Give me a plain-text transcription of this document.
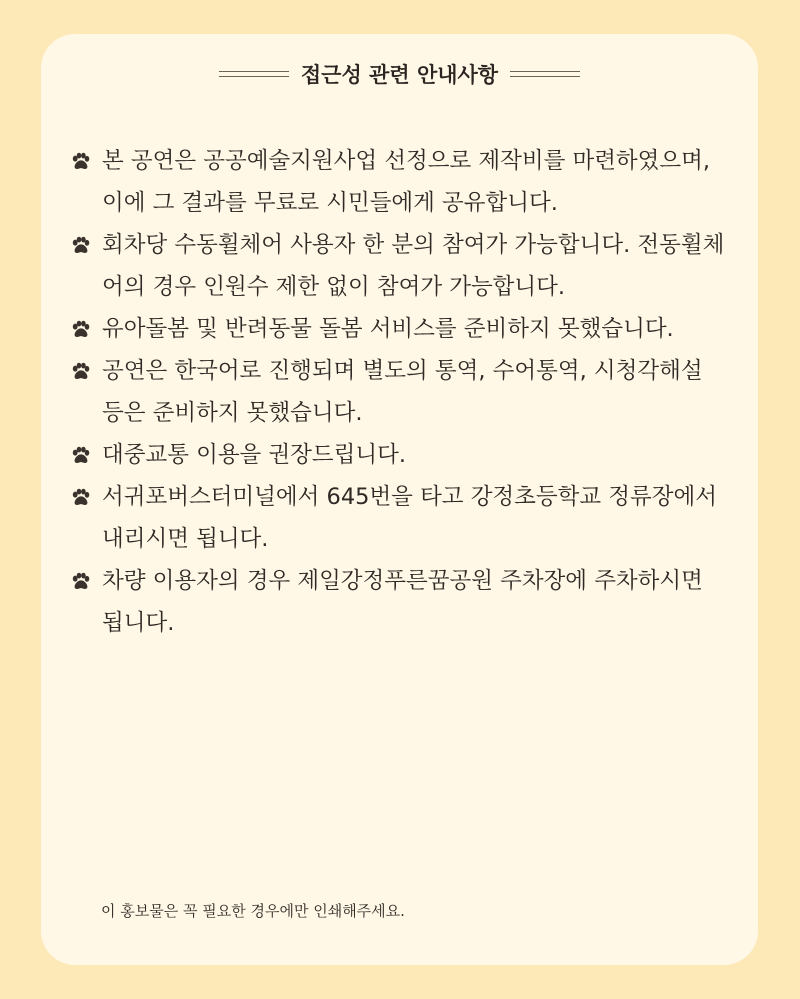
접근성 관련 안내사항
본 공연은 공공예술지원사업 선정으로 제작비를 마련하였으며, 이에 그 결과를 무료로 시민들에게 공유합니다.
회차당 수동휠체어 사용자 한 분의 참여가 가능합니다. 전동휠체어의 경우 인원수 제한 없이 참여가 가능합니다.
유아돌봄 및 반려동물 돌봄 서비스를 준비하지 못했습니다.
공연은 한국어로 진행되며 별도의 통역, 수어통역, 시청각해설 등은 준비하지 못했습니다.
대중교통 이용을 권장드립니다.
서귀포버스터미널에서 645번을 타고 강정초등학교 정류장에서 내리시면 됩니다.
차량 이용자의 경우 제일강정푸른꿈공원 주차장에 주차하시면 됩니다.
이 홍보물은 꼭 필요한 경우에만 인쇄해주세요.
